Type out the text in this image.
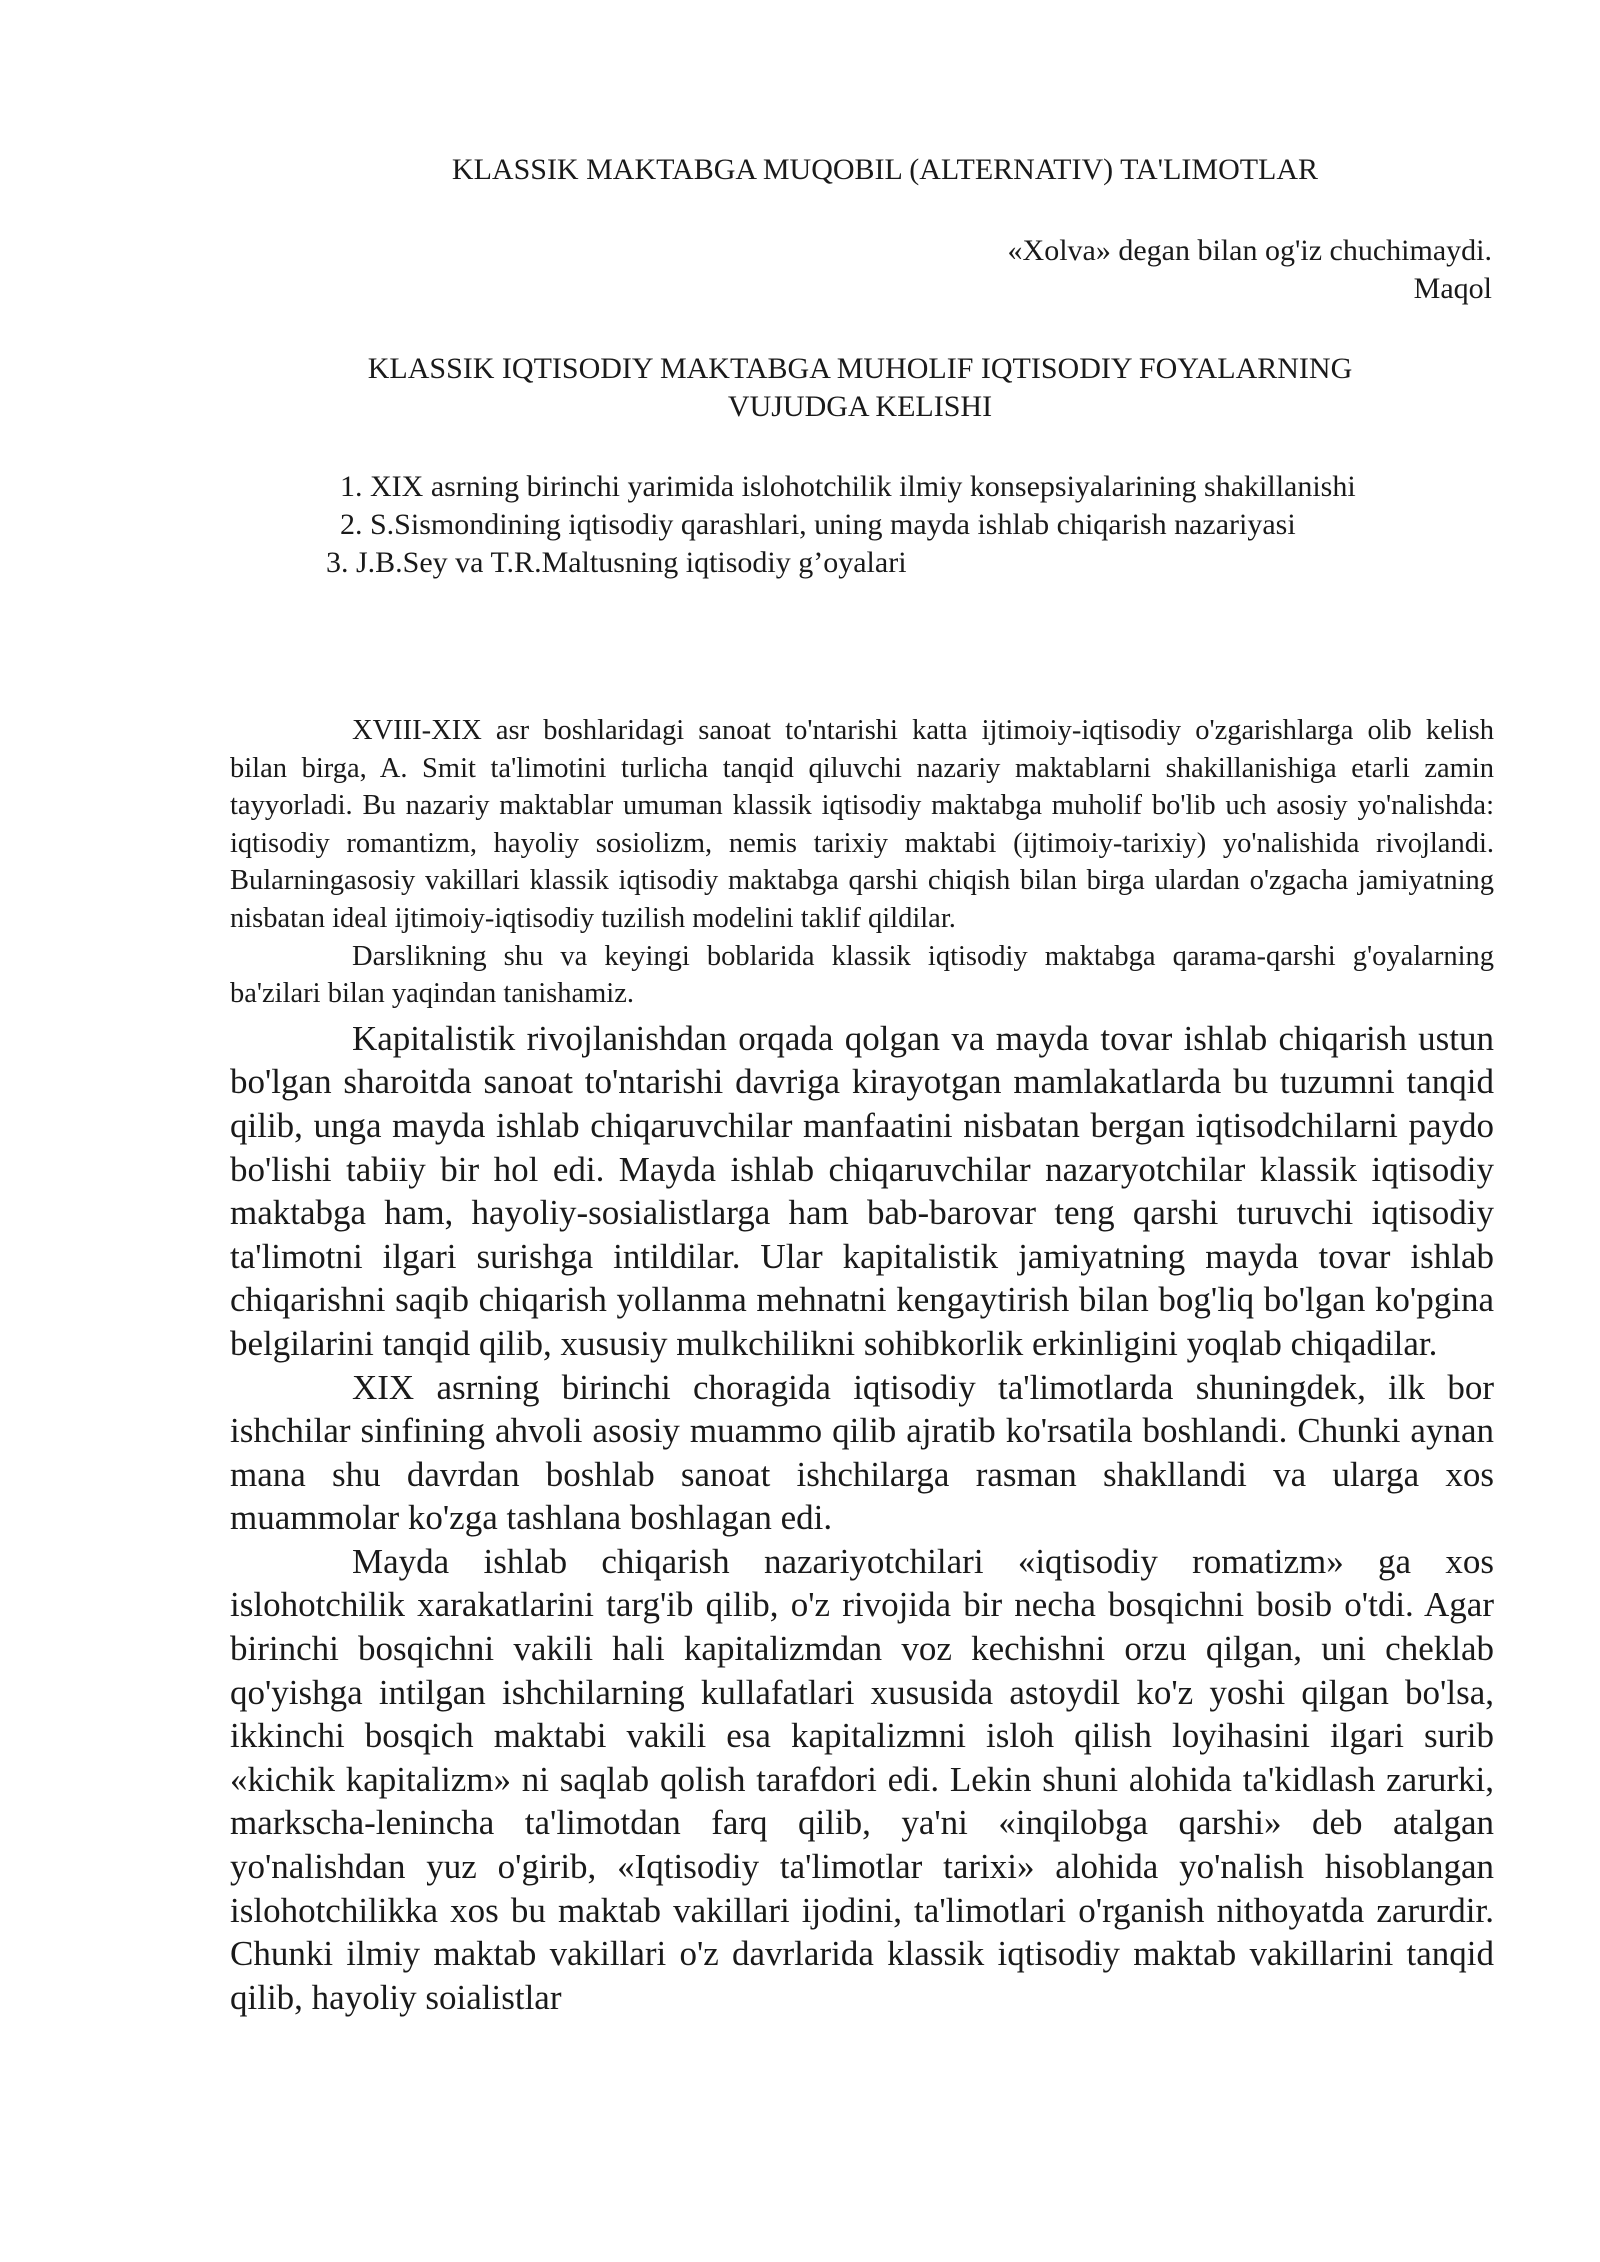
KLASSIK MAKTABGA MUQOBIL (ALTERNATIV) TA'LIMOTLAR
«Xolva» degan bilan og'iz chuchimaydi.
Maqol
KLASSIK IQTISODIY MAKTABGA MUHOLIF IQTISODIY FOYALARNING
VUJUDGA KELISHI
1. XIX asrning birinchi yarimida islohotchilik ilmiy konsepsiyalarining shakillanishi
2. S.Sismondining iqtisodiy qarashlari, uning mayda ishlab chiqarish nazariyasi
3. J.B.Sey va T.R.Maltusning iqtisodiy g’oyalari

XVIII-XIX asr boshlaridagi sanoat to'ntarishi katta ijtimoiy-iqtisodiy o'zgarishlarga olib kelish bilan birga, A. Smit ta'limotini turlicha tanqid qiluvchi nazariy maktablarni shakillanishiga etarli zamin tayyorladi. Bu nazariy maktablar umuman klassik iqtisodiy maktabga muholif bo'lib uch asosiy yo'nalishda: iqtisodiy romantizm, hayoliy sosiolizm, nemis tarixiy maktabi (ijtimoiy-tarixiy) yo'nalishida rivojlandi. Bularningasosiy vakillari klassik iqtisodiy maktabga qarshi chiqish bilan birga ulardan o'zgacha jamiyatning nisbatan ideal ijtimoiy-iqtisodiy tuzilish modelini taklif qildilar.

Darslikning shu va keyingi boblarida klassik iqtisodiy maktabga qarama-qarshi g'oyalarning ba'zilari bilan yaqindan tanishamiz.

Kapitalistik rivojlanishdan orqada qolgan va mayda tovar ishlab chiqarish ustun bo'lgan sharoitda sanoat to'ntarishi davriga kirayotgan mamlakatlarda bu tuzumni tanqid qilib, unga mayda ishlab chiqaruvchilar manfaatini nisbatan bergan iqtisodchilarni paydo bo'lishi tabiiy bir hol edi. Mayda ishlab chiqaruvchilar nazaryotchilar klassik iqtisodiy maktabga ham, hayoliy-sosialistlarga ham bab-barovar teng qarshi turuvchi iqtisodiy ta'limotni ilgari surishga intildilar. Ular kapitalistik jamiyatning mayda tovar ishlab chiqarishni saqib chiqarish yollanma mehnatni kengaytirish bilan bog'liq bo'lgan ko'pgina belgilarini tanqid qilib, xususiy mulkchilikni sohibkorlik erkinligini yoqlab chiqadilar.

XIX asrning birinchi choragida iqtisodiy ta'limotlarda shuningdek, ilk bor ishchilar sinfining ahvoli asosiy muammo qilib ajratib ko'rsatila boshlandi. Chunki aynan mana shu davrdan boshlab sanoat ishchilarga rasman shakllandi va ularga xos muammolar ko'zga tashlana boshlagan edi.

Mayda ishlab chiqarish nazariyotchilari «iqtisodiy romatizm» ga xos islohotchilik xarakatlarini targ'ib qilib, o'z rivojida bir necha bosqichni bosib o'tdi. Agar birinchi bosqichni vakili hali kapitalizmdan voz kechishni orzu qilgan, uni cheklab qo'yishga intilgan ishchilarning kullafatlari xususida astoydil ko'z yoshi qilgan bo'lsa, ikkinchi bosqich maktabi vakili esa kapitalizmni isloh qilish loyihasini ilgari surib «kichik kapitalizm» ni saqlab qolish tarafdori edi. Lekin shuni alohida ta'kidlash zarurki, markscha-lenincha ta'limotdan farq qilib, ya'ni «inqilobga qarshi» deb atalgan yo'nalishdan yuz o'girib, «Iqtisodiy ta'limotlar tarixi» alohida yo'nalish hisoblangan islohotchilikka xos bu maktab vakillari ijodini, ta'limotlari o'rganish nithoyatda zarurdir. Chunki ilmiy maktab vakillari o'z davrlarida klassik iqtisodiy maktab vakillarini tanqid qilib, hayoliy soialistlar
